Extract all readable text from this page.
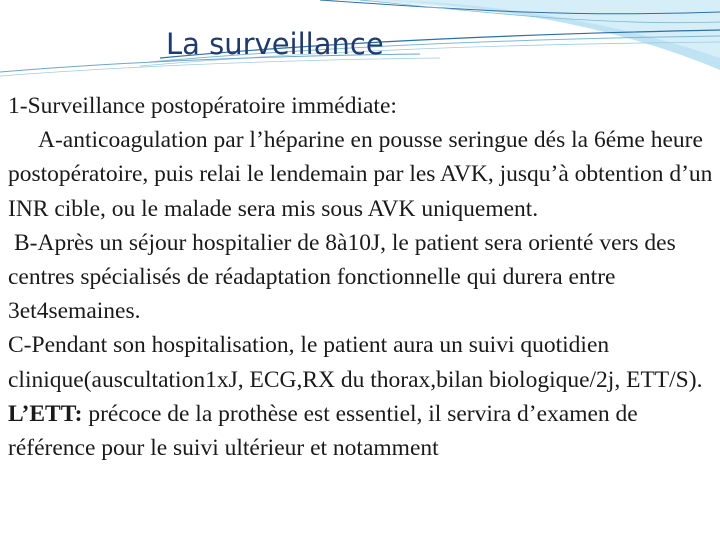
La surveillance

1-Surveillance postopératoire immédiate:

A-anticoagulation par l’héparine en pousse seringue dés la 6éme heure postopératoire, puis relai le lendemain par les AVK, jusqu’à obtention d’un INR cible, ou le malade sera mis sous AVK uniquement.

B-Après un séjour hospitalier de 8à10J, le patient sera orienté vers des centres spécialisés de réadaptation fonctionnelle qui durera entre 3et4semaines.

C-Pendant son hospitalisation, le patient aura un suivi quotidien clinique(auscultation1xJ, ECG,RX du thorax,bilan biologique/2j, ETT/S).

L’ETT: précoce de la prothèse est essentiel, il servira d’examen de référence pour le suivi ultérieur et notamment
